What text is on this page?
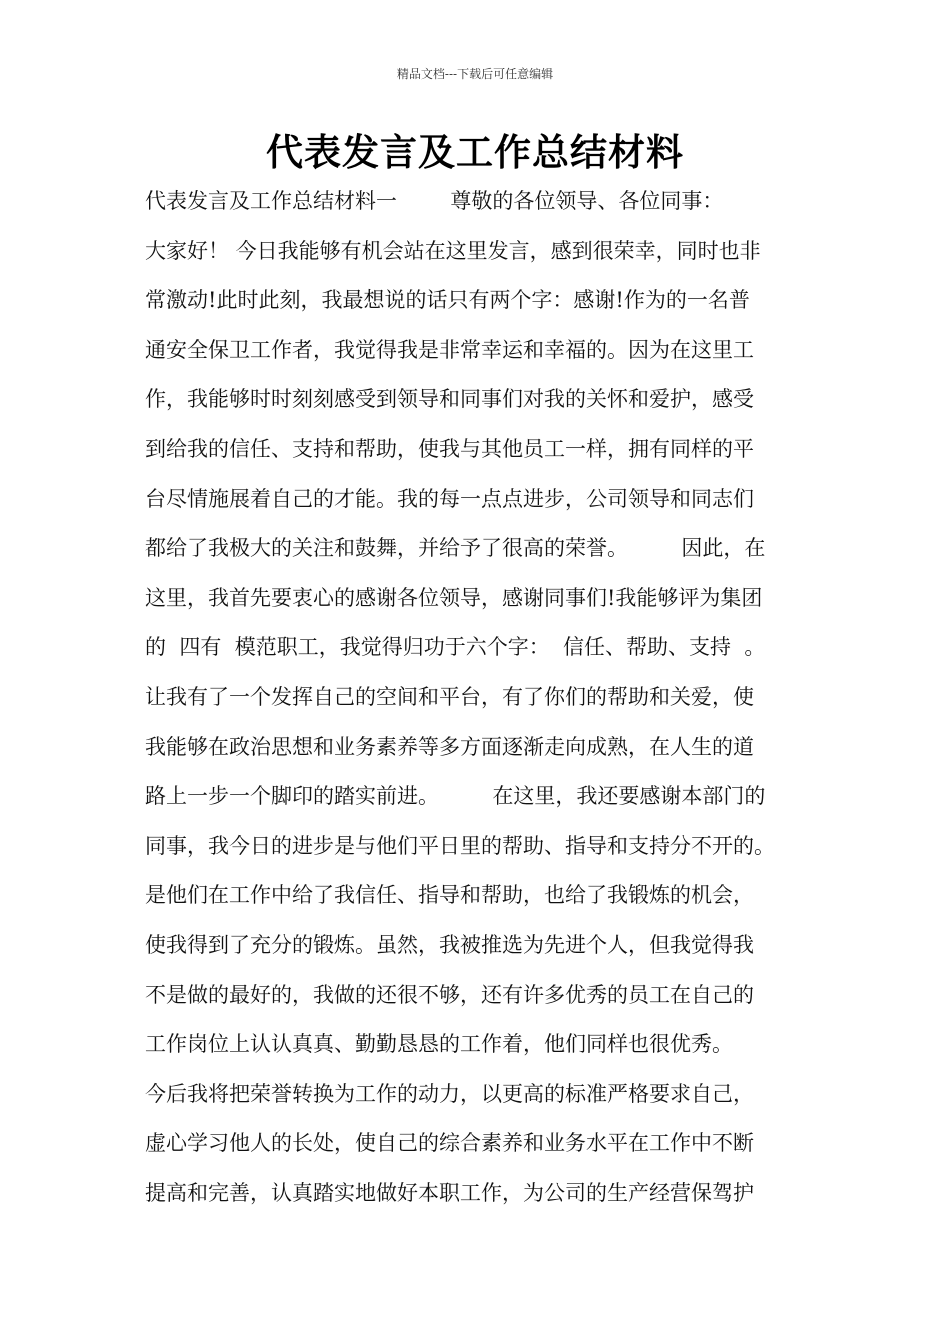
精品文档---下载后可任意编辑
代表发言及工作总结材料
代表发言及工作总结材料一        尊敬的各位领导、各位同事：
大家好！ 今日我能够有机会站在这里发言，感到很荣幸，同时也非
常激动!此时此刻，我最想说的话只有两个字：感谢!作为的一名普
通安全保卫工作者，我觉得我是非常幸运和幸福的。因为在这里工
作，我能够时时刻刻感受到领导和同事们对我的关怀和爱护，感受
到给我的信任、支持和帮助，使我与其他员工一样，拥有同样的平
台尽情施展着自己的才能。我的每一点点进步，公司领导和同志们
都给了我极大的关注和鼓舞，并给予了很高的荣誉。        因此，在
这里，我首先要衷心的感谢各位领导，感谢同事们!我能够评为集团
的  四有  模范职工，我觉得归功于六个字：  信任、帮助、支持  。
让我有了一个发挥自己的空间和平台，有了你们的帮助和关爱，使
我能够在政治思想和业务素养等多方面逐渐走向成熟，在人生的道
路上一步一个脚印的踏实前进。        在这里，我还要感谢本部门的
同事，我今日的进步是与他们平日里的帮助、指导和支持分不开的。
是他们在工作中给了我信任、指导和帮助，也给了我锻炼的机会，
使我得到了充分的锻炼。虽然，我被推选为先进个人，但我觉得我
不是做的最好的，我做的还很不够，还有许多优秀的员工在自己的
工作岗位上认认真真、勤勤恳恳的工作着，他们同样也很优秀。
今后我将把荣誉转换为工作的动力，以更高的标准严格要求自己，
虚心学习他人的长处，使自己的综合素养和业务水平在工作中不断
提高和完善，认真踏实地做好本职工作，为公司的生产经营保驾护
